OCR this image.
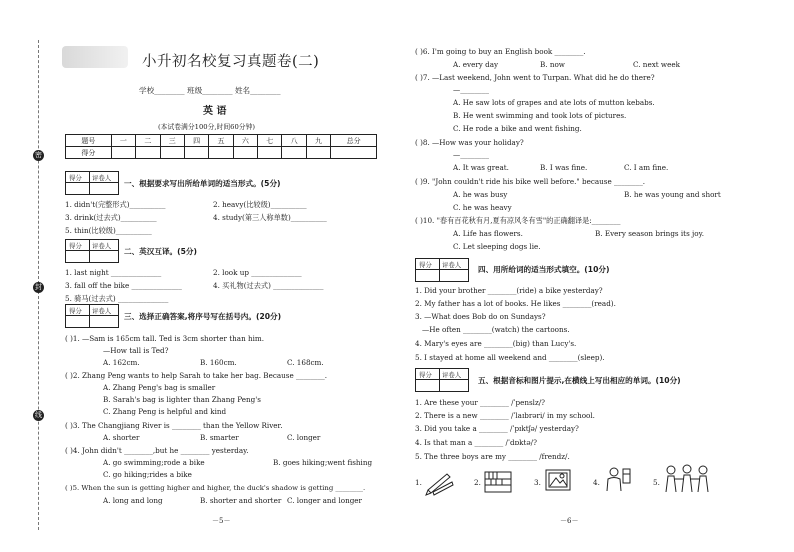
密
封
线
小升初名校复习真题卷(二)
学校________ 班级________ 姓名________
英 语
(本试卷满分100分,时间60分钟)
题号	一	二	三	四	五	六	七	八	九	总分
得分										
得分 评卷人
一、根据要求写出所给单词的适当形式。(5分)
1. didn't(完整形式)__________	2. heavy(比较级)__________
3. drink(过去式)__________	4. study(第三人称单数)__________
5. thin(比较级)__________
得分 评卷人
二、英汉互译。(5分)
1. last night ______________	2. look up ______________
3. fall off the bike ______________	4. 买礼物(过去式) ______________
5. 骑马(过去式) ______________
得分 评卷人
三、选择正确答案,将序号写在括号内。(20分)
( )1. —Sam is 165cm tall. Ted is 3cm shorter than him.
—How tall is Ted?
A. 162cm.	B. 160cm.	C. 168cm.
( )2. Zhang Peng wants to help Sarah to take her bag. Because ________.
A. Zhang Peng's bag is smaller
B. Sarah's bag is lighter than Zhang Peng's
C. Zhang Peng is helpful and kind
( )3. The Changjiang River is ________ than the Yellow River.
A. shorter	B. smarter	C. longer
( )4. John didn't ________,but he ________ yesterday.
A. go swimming;rode a bike	B. goes hiking;went fishing
C. go hiking;rides a bike
( )5. When the sun is getting higher and higher, the duck's shadow is getting ________.
A. long and long	B. shorter and shorter C. longer and longer
－5－
( )6. I'm going to buy an English book ________.
A. every day	B. now	C. next week
( )7. —Last weekend, John went to Turpan. What did he do there?
—________
A. He saw lots of grapes and ate lots of mutton kebabs.
B. He went swimming and took lots of pictures.
C. He rode a bike and went fishing.
( )8. —How was your holiday?
—________
A. It was great.	B. I was fine.	C. I am fine.
( )9. "John couldn't ride his bike well before." because ________.
A. he was busy	B. he was young and short
C. he was heavy
( )10. "春有百花秋有月,夏有凉风冬有雪"的正确翻译是:________
A. Life has flowers.	B. Every season brings its joy.
C. Let sleeping dogs lie.
得分 评卷人 四、用所给词的适当形式填空。(10分)
1. Did your brother ________(ride) a bike yesterday?
2. My father has a lot of books. He likes ________(read).
3. —What does Bob do on Sundays?
—He often ________(watch) the cartoons.
4. Mary's eyes are ________(big) than Lucy's.
5. I stayed at home all weekend and ________(sleep).
得分 评卷人
五、根据音标和图片提示,在横线上写出相应的单词。(10分)
1. Are these your ________ /ˈpenslz/?
2. There is a new ________ /ˈlaɪbrəri/ in my school.
3. Did you take a ________ /ˈpɪktʃə/ yesterday?
4. Is that man a ________ /ˈdɒktə/?
5. The three boys are my ________ /frendz/.
1.	2.	3.	4.	5.
－6－
